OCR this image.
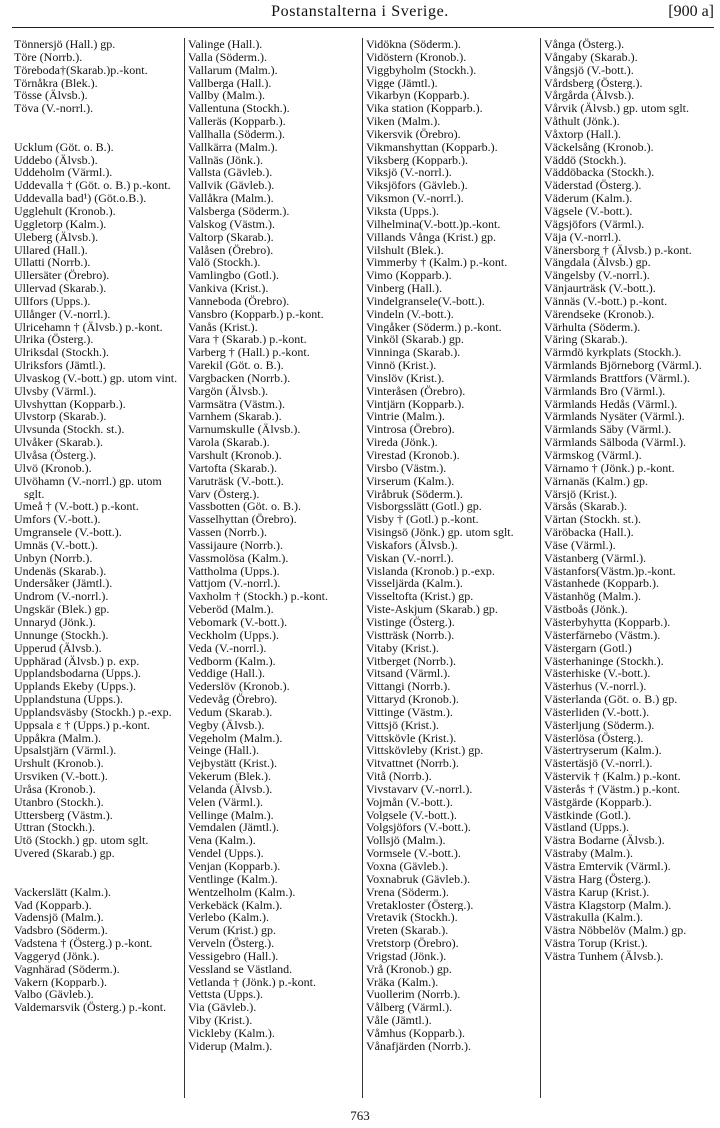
Postanstalterna i Sverige.	[900 a]
Tönnersjö (Hall.) gp.
Töre (Norrb.).
Töreboda†(Skarab.)p.-kont.
Törnåkra (Blek.).
Tösse (Älvsb.).
Töva (V.-norrl.).
Ucklum (Göt. o. B.).
Uddebo (Älvsb.).
Uddeholm (Värml.).
Uddevalla † (Göt. o. B.) p.-kont.
Uddevalla bad¹) (Göt.o.B.).
Ugglehult (Kronob.).
Uggletorp (Kalm.).
Uleberg (Älvsb.).
Ullared (Hall.).
Ullatti (Norrb.).
Ullersäter (Örebro).
Ullervad (Skarab.).
Ullfors (Upps.).
Ullånger (V.-norrl.).
Ulricehamn † (Älvsb.) p.-kont.
Ulrika (Österg.).
Ulriksdal (Stockh.).
Ulriksfors (Jämtl.).
Ulvaskog (V.-bott.) gp. utom vint.
Ulvsby (Värml.).
Ulvshyttan (Kopparb.).
Ulvstorp (Skarab.).
Ulvsunda (Stockh. st.).
Ulvåker (Skarab.).
Ulvåsa (Österg.).
Ulvö (Kronob.).
Ulvöhamn (V.-norrl.) gp. utom sglt.
Umeå † (V.-bott.) p.-kont.
Umfors (V.-bott.).
Umgransele (V.-bott.).
Umnäs (V.-bott.).
Unbyn (Norrb.).
Undenäs (Skarab.).
Undersåker (Jämtl.).
Undrom (V.-norrl.).
Ungskär (Blek.) gp.
Unnaryd (Jönk.).
Unnunge (Stockh.).
Upperud (Älvsb.).
Upphärad (Älvsb.) p. exp.
Upplandsbodarna (Upps.).
Upplands Ekeby (Upps.).
Upplandstuna (Upps.).
Upplandsväsby (Stockh.) p.-exp.
Uppsala ε † (Upps.) p.-kont.
Uppåkra (Malm.).
Upsalstjärn (Värml.).
Urshult (Kronob.).
Ursviken (V.-bott.).
Uråsa (Kronob.).
Utanbro (Stockh.).
Uttersberg (Västm.).
Uttran (Stockh.).
Utö (Stockh.) gp. utom sglt.
Uvered (Skarab.) gp.
Vackerslätt (Kalm.).
Vad (Kopparb.).
Vadensjö (Malm.).
Vadsbro (Söderm.).
Vadstena † (Österg.) p.-kont.
Vaggeryd (Jönk.).
Vagnhärad (Söderm.).
Vakern (Kopparb.).
Valbo (Gävleb.).
Valdemarsvik (Österg.) p.-kont.
Valinge (Hall.).
Valla (Söderm.).
Vallarum (Malm.).
Vallberga (Hall.).
Vallby (Malm.).
Vallentuna (Stockh.).
Valleräs (Kopparb.).
Vallhalla (Söderm.).
Vallkärra (Malm.).
Vallnäs (Jönk.).
Vallsta (Gävleb.).
Vallvik (Gävleb.).
Vallåkra (Malm.).
Valsberga (Söderm.).
Valskog (Västm.).
Valtorp (Skarab.).
Valåsen (Örebro).
Valö (Stockh.).
Vamlingbo (Gotl.).
Vankiva (Krist.).
Vanneboda (Örebro).
Vansbro (Kopparb.) p.-kont.
Vanås (Krist.).
Vara † (Skarab.) p.-kont.
Varberg † (Hall.) p.-kont.
Varekil (Göt. o. B.).
Vargbacken (Norrb.).
Vargön (Älvsb.).
Varmsätra (Västm.).
Varnhem (Skarab.).
Varnumskulle (Älvsb.).
Varola (Skarab.).
Varshult (Kronob.).
Vartofta (Skarab.).
Varuträsk (V.-bott.).
Varv (Österg.).
Vassbotten (Göt. o. B.).
Vasselhyttan (Örebro).
Vassen (Norrb.).
Vassijaure (Norrb.).
Vassmolösa (Kalm.).
Vattholma (Upps.).
Vattjom (V.-norrl.).
Vaxholm † (Stockh.) p.-kont.
Veberöd (Malm.).
Vebomark (V.-bott.).
Veckholm (Upps.).
Veda (V.-norrl.).
Vedborm (Kalm.).
Veddige (Hall.).
Vederslöv (Kronob.).
Vedevåg (Örebro).
Vedum (Skarab.).
Vegby (Älvsb.).
Vegeholm (Malm.).
Veinge (Hall.).
Vejbystätt (Krist.).
Vekerum (Blek.).
Velanda (Älvsb.).
Velen (Värml.).
Vellinge (Malm.).
Vemdalen (Jämtl.).
Vena (Kalm.).
Vendel (Upps.).
Venjan (Kopparb.).
Ventlinge (Kalm.).
Wentzelholm (Kalm.).
Verkebäck (Kalm.).
Verlebo (Kalm.).
Verum (Krist.) gp.
Verveln (Österg.).
Vessigebro (Hall.).
Vessland se Västland.
Vetlanda † (Jönk.) p.-kont.
Vettsta (Upps.).
Via (Gävleb.).
Viby (Krist.).
Vickleby (Kalm.).
Viderup (Malm.).
Vidökna (Söderm.).
Vidöstern (Kronob.).
Viggbyholm (Stockh.).
Vigge (Jämtl.).
Vikarbyn (Kopparb.).
Vika station (Kopparb.).
Viken (Malm.).
Vikersvik (Örebro).
Vikmanshyttan (Kopparb.).
Viksberg (Kopparb.).
Viksjö (V.-norrl.).
Viksjöfors (Gävleb.).
Viksmon (V.-norrl.).
Viksta (Upps.).
Vilhelmina(V.-bott.)p.-kont.
Villands Vånga (Krist.) gp.
Vilshult (Blek.).
Vimmerby † (Kalm.) p.-kont.
Vimo (Kopparb.).
Vinberg (Hall.).
Vindelgransele(V.-bott.).
Vindeln (V.-bott.).
Vingåker (Söderm.) p.-kont.
Vinköl (Skarab.) gp.
Vinninga (Skarab.).
Vinnö (Krist.).
Vinslöv (Krist.).
Vinteråsen (Örebro).
Vintjärn (Kopparb.).
Vintrie (Malm.).
Vintrosa (Örebro).
Vireda (Jönk.).
Virestad (Kronob.).
Virsbo (Västm.).
Virserum (Kalm.).
Viråbruk (Söderm.).
Visborgsslätt (Gotl.) gp.
Visby † (Gotl.) p.-kont.
Visingsö (Jönk.) gp. utom sglt.
Viskafors (Älvsb.).
Viskan (V.-norrl.).
Vislanda (Kronob.) p.-exp.
Visseljärda (Kalm.).
Visseltofta (Krist.) gp.
Viste-Askjum (Skarab.) gp.
Vistinge (Österg.).
Vistträsk (Norrb.).
Vitaby (Krist.).
Vitberget (Norrb.).
Vitsand (Värml.).
Vittangi (Norrb.).
Vittaryd (Kronob.).
Vittinge (Västm.).
Vittsjö (Krist.).
Vittskövle (Krist.).
Vittskövleby (Krist.) gp.
Vitvattnet (Norrb.).
Vitå (Norrb.).
Vivstavarv (V.-norrl.).
Vojmån (V.-bott.).
Volgsele (V.-bott.).
Volgsjöfors (V.-bott.).
Vollsjö (Malm.).
Vormsele (V.-bott.).
Voxna (Gävleb.).
Voxnabruk (Gävleb.).
Vrena (Söderm.).
Vretakloster (Österg.).
Vretavik (Stockh.).
Vreten (Skarab.).
Vretstorp (Örebro).
Vrigstad (Jönk.).
Vrå (Kronob.) gp.
Vräka (Kalm.).
Vuollerim (Norrb.).
Vålberg (Värml.).
Våle (Jämtl.).
Våmhus (Kopparb.).
Vånafjärden (Norrb.).
Vånga (Österg.).
Vångaby (Skarab.).
Vångsjö (V.-bott.).
Vårdsberg (Österg.).
Vårgårda (Älvsb.).
Vårvik (Älvsb.) gp. utom sglt.
Våthult (Jönk.).
Våxtorp (Hall.).
Väckelsång (Kronob.).
Väddö (Stockh.).
Väddöbacka (Stockh.).
Väderstad (Österg.).
Väderum (Kalm.).
Vägsele (V.-bott.).
Vägsjöfors (Värml.).
Väja (V.-norrl.).
Vänersborg † (Älvsb.) p.-kont.
Vängdala (Älvsb.) gp.
Vängelsby (V.-norrl.).
Vänjaurträsk (V.-bott.).
Vännäs (V.-bott.) p.-kont.
Värendseke (Kronob.).
Värhulta (Söderm.).
Väring (Skarab.).
Värmdö kyrkplats (Stockh.).
Värmlands Björneborg (Värml.).
Värmlands Brattfors (Värml.).
Värmlands Bro (Värml.).
Värmlands Hedås (Värml.).
Värmlands Nysäter (Värml.).
Värmlands Säby (Värml.).
Värmlands Sälboda (Värml.).
Värmskog (Värml.).
Värnamo † (Jönk.) p.-kont.
Värnanäs (Kalm.) gp.
Värsjö (Krist.).
Värsås (Skarab.).
Värtan (Stockh. st.).
Väröbacka (Hall.).
Väse (Värml.).
Västanberg (Värml.).
Västanfors(Västm.)p.-kont.
Västanhede (Kopparb.).
Västanhög (Malm.).
Västboås (Jönk.).
Västerbyhytta (Kopparb.).
Västerfärnebo (Västm.).
Västergarn (Gotl.)
Västerhaninge (Stockh.).
Västerhiske (V.-bott.).
Västerhus (V.-norrl.).
Västerlanda (Göt. o. B.) gp.
Västerliden (V.-bott.).
Västerljung (Söderm.).
Västerlösa (Österg.).
Västertryserum (Kalm.).
Västertäsjö (V.-norrl.).
Västervik † (Kalm.) p.-kont.
Västerås † (Västm.) p.-kont.
Västgärde (Kopparb.).
Västkinde (Gotl.).
Västland (Upps.).
Västra Bodarne (Älvsb.).
Västraby (Malm.).
Västra Emtervik (Värml.).
Västra Harg (Österg.).
Västra Karup (Krist.).
Västra Klagstorp (Malm.).
Västrakulla (Kalm.).
Västra Nöbbelöv (Malm.) gp.
Västra Torup (Krist.).
Västra Tunhem (Älvsb.).
763
